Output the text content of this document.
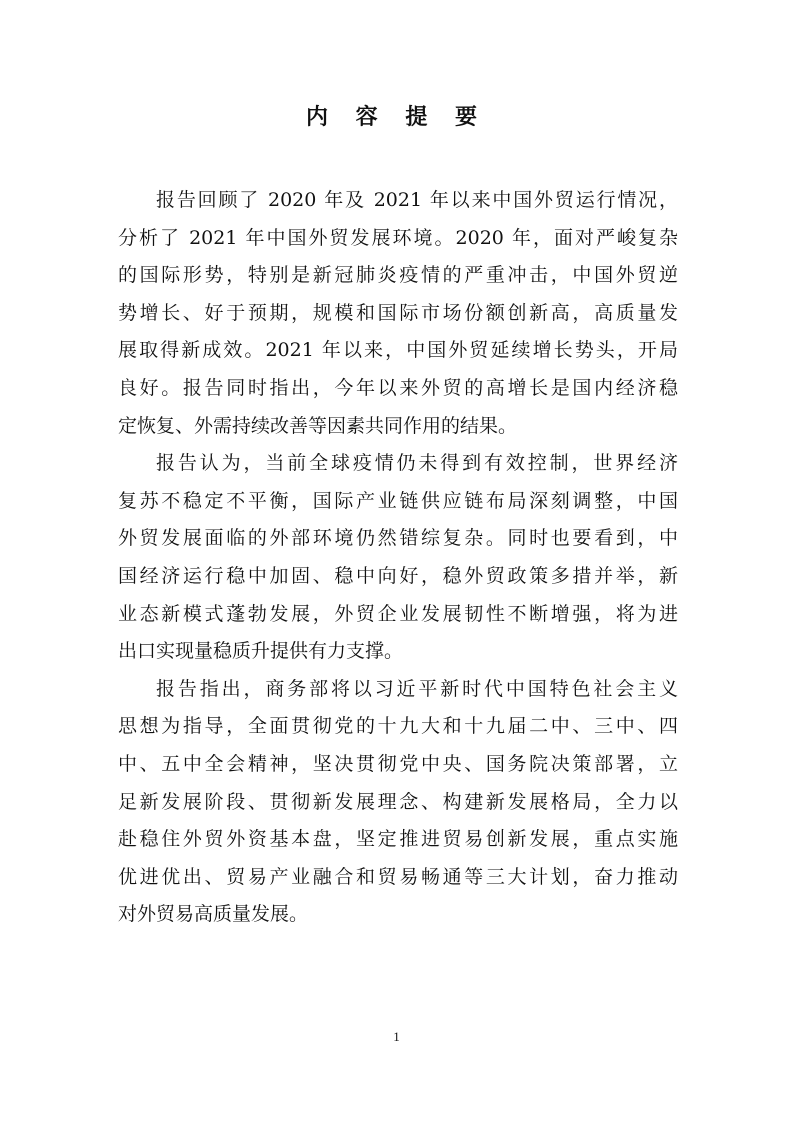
内 容 提 要
报告回顾了 2020 年及 2021 年以来中国外贸运行情况，
分析了 2021 年中国外贸发展环境。2020 年，面对严峻复杂
的国际形势，特别是新冠肺炎疫情的严重冲击，中国外贸逆
势增长、好于预期，规模和国际市场份额创新高，高质量发
展取得新成效。2021 年以来，中国外贸延续增长势头，开局
良好。报告同时指出，今年以来外贸的高增长是国内经济稳
定恢复、外需持续改善等因素共同作用的结果。
报告认为，当前全球疫情仍未得到有效控制，世界经济
复苏不稳定不平衡，国际产业链供应链布局深刻调整，中国
外贸发展面临的外部环境仍然错综复杂。同时也要看到，中
国经济运行稳中加固、稳中向好，稳外贸政策多措并举，新
业态新模式蓬勃发展，外贸企业发展韧性不断增强，将为进
出口实现量稳质升提供有力支撑。
报告指出，商务部将以习近平新时代中国特色社会主义
思想为指导，全面贯彻党的十九大和十九届二中、三中、四
中、五中全会精神，坚决贯彻党中央、国务院决策部署，立
足新发展阶段、贯彻新发展理念、构建新发展格局，全力以
赴稳住外贸外资基本盘，坚定推进贸易创新发展，重点实施
优进优出、贸易产业融合和贸易畅通等三大计划，奋力推动
对外贸易高质量发展。
1
